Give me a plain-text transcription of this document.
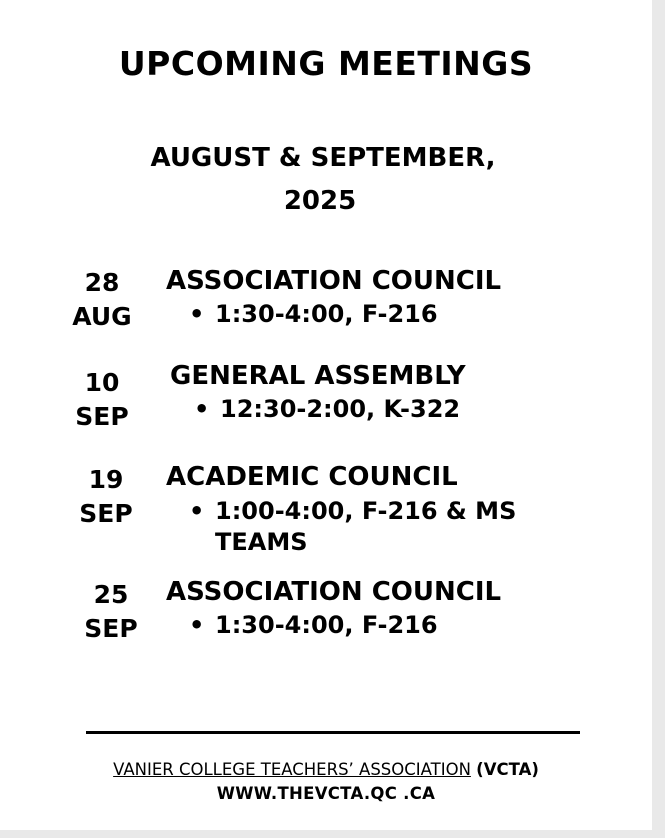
UPCOMING MEETINGS
AUGUST & SEPTEMBER,
2025
28
AUG
ASSOCIATION COUNCIL
• 1:30-4:00, F-216
10
SEP
GENERAL ASSEMBLY
• 12:30-2:00, K-322
19
SEP
ACADEMIC COUNCIL
• 1:00-4:00, F-216 & MS
TEAMS
25
SEP
ASSOCIATION COUNCIL
• 1:30-4:00, F-216
VANIER COLLEGE TEACHERS’ ASSOCIATION (VCTA)
WWW.THEVCTA.QC .CA
